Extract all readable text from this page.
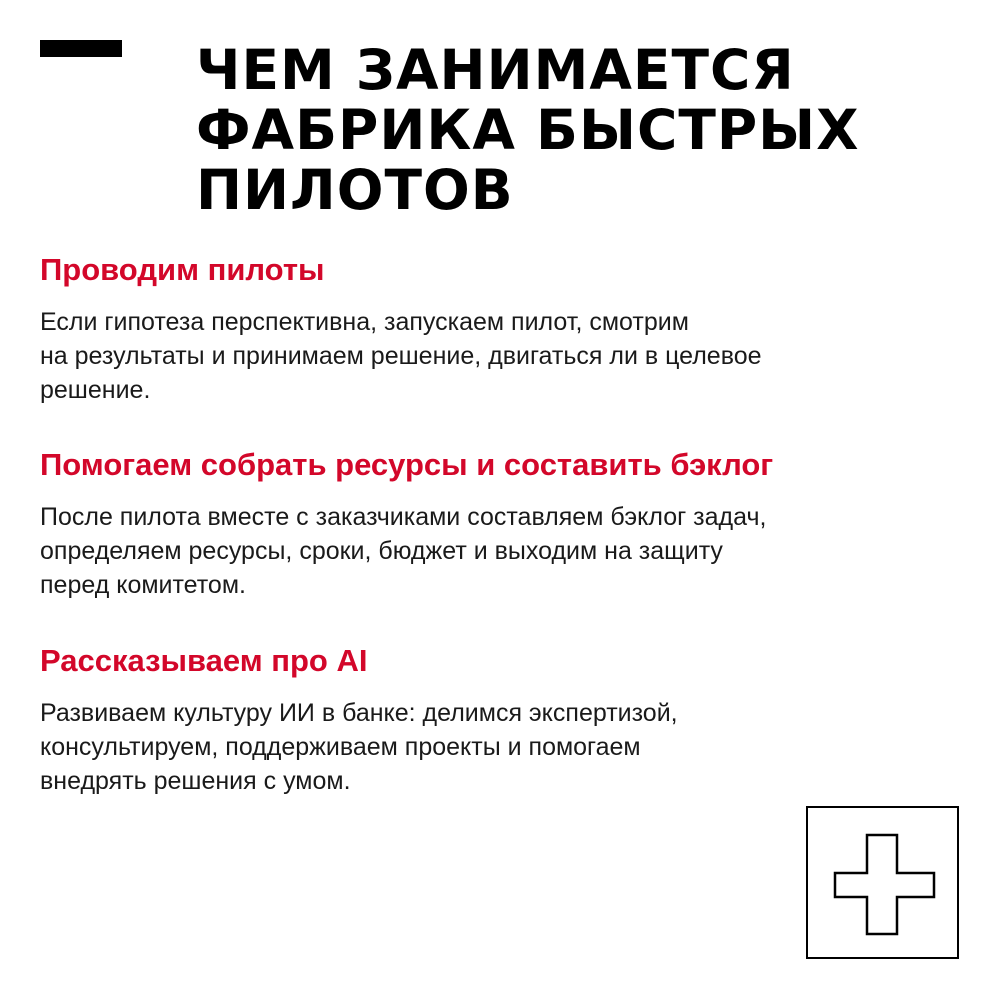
ЧЕМ ЗАНИМАЕТСЯ
ФАБРИКА БЫСТРЫХ
ПИЛОТОВ
Проводим пилоты

Если гипотеза перспективна, запускаем пилот, смотрим
на результаты и принимаем решение, двигаться ли в целевое
решение.

Помогаем собрать ресурсы и составить бэклог

После пилота вместе с заказчиками составляем бэклог задач,
определяем ресурсы, сроки, бюджет и выходим на защиту
перед комитетом.

Рассказываем про AI

Развиваем культуру ИИ в банке: делимся экспертизой,
консультируем, поддерживаем проекты и помогаем
внедрять решения с умом.
